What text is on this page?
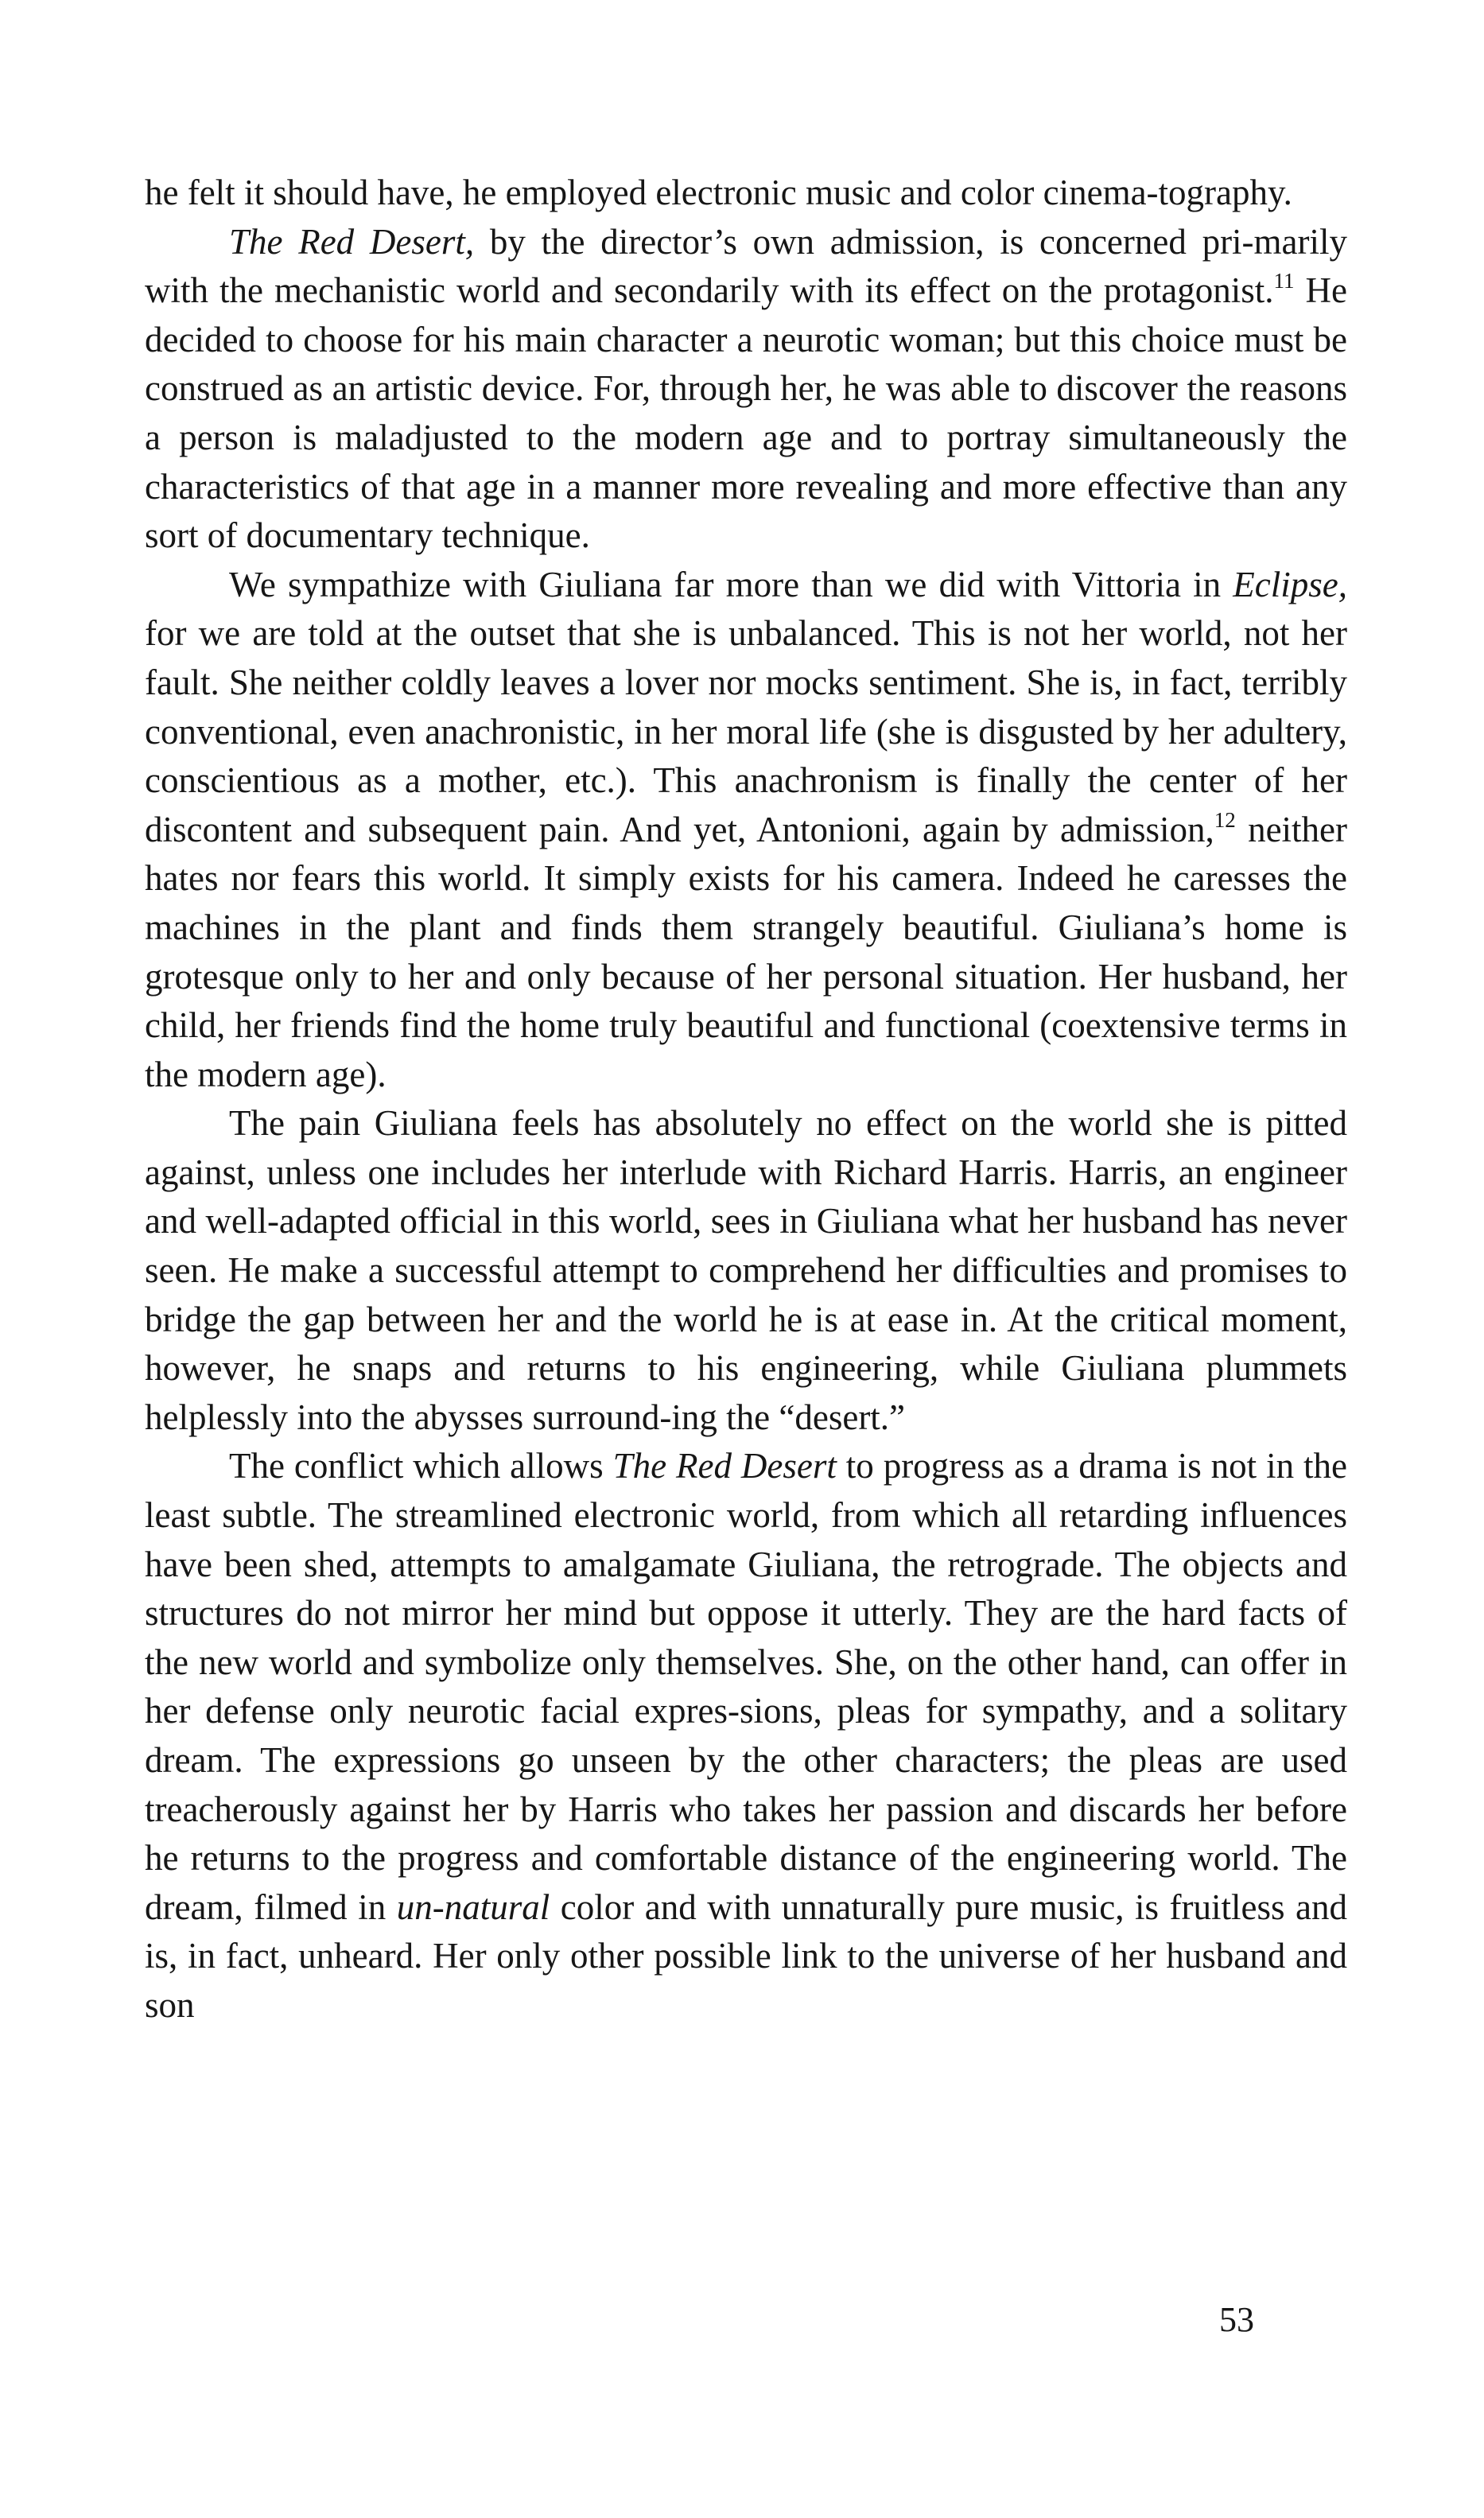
he felt it should have, he employed electronic music and color cinema-tography.

The Red Desert, by the director’s own admission, is concerned pri-marily with the mechanistic world and secondarily with its effect on the protagonist.$^{11}$ He decided to choose for his main character a neurotic woman; but this choice must be construed as an artistic device. For, through her, he was able to discover the reasons a person is maladjusted to the modern age and to portray simultaneously the characteristics of that age in a manner more revealing and more effective than any sort of documentary technique.

We sympathize with Giuliana far more than we did with Vittoria in Eclipse, for we are told at the outset that she is unbalanced. This is not her world, not her fault. She neither coldly leaves a lover nor mocks sentiment. She is, in fact, terribly conventional, even anachronistic, in her moral life (she is disgusted by her adultery, conscientious as a mother, etc.). This anachronism is finally the center of her discontent and subsequent pain. And yet, Antonioni, again by admission,$^{12}$ neither hates nor fears this world. It simply exists for his camera. Indeed he caresses the machines in the plant and finds them strangely beautiful. Giuliana’s home is grotesque only to her and only because of her personal situation. Her husband, her child, her friends find the home truly beautiful and functional (coextensive terms in the modern age).

The pain Giuliana feels has absolutely no effect on the world she is pitted against, unless one includes her interlude with Richard Harris. Harris, an engineer and well-adapted official in this world, sees in Giuliana what her husband has never seen. He make a successful attempt to comprehend her difficulties and promises to bridge the gap between her and the world he is at ease in. At the critical moment, however, he snaps and returns to his engineering, while Giuliana plummets helplessly into the abysses surround-ing the “desert.”

The conflict which allows The Red Desert to progress as a drama is not in the least subtle. The streamlined electronic world, from which all retarding influences have been shed, attempts to amalgamate Giuliana, the retrograde. The objects and structures do not mirror her mind but oppose it utterly. They are the hard facts of the new world and symbolize only themselves. She, on the other hand, can offer in her defense only neurotic facial expres-sions, pleas for sympathy, and a solitary dream. The expressions go unseen by the other characters; the pleas are used treacherously against her by Harris who takes her passion and discards her before he returns to the progress and comfortable distance of the engineering world. The dream, filmed in un-natural color and with unnaturally pure music, is fruitless and is, in fact, unheard. Her only other possible link to the universe of her husband and son

53
